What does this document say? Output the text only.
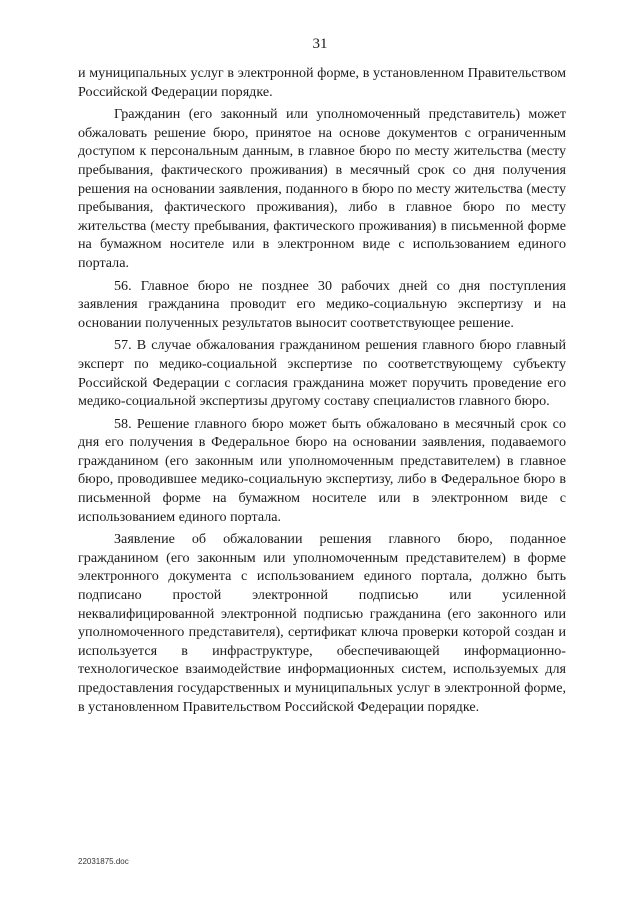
31

и муниципальных услуг в электронной форме, в установленном Правительством Российской Федерации порядке.

Гражданин (его законный или уполномоченный представитель) может обжаловать решение бюро, принятое на основе документов с ограниченным доступом к персональным данным, в главное бюро по месту жительства (месту пребывания, фактического проживания) в месячный срок со дня получения решения на основании заявления, поданного в бюро по месту жительства (месту пребывания, фактического проживания), либо в главное бюро по месту жительства (месту пребывания, фактического проживания) в письменной форме на бумажном носителе или в электронном виде с использованием единого портала.

56. Главное бюро не позднее 30 рабочих дней со дня поступления заявления гражданина проводит его медико-социальную экспертизу и на основании полученных результатов выносит соответствующее решение.

57. В случае обжалования гражданином решения главного бюро главный эксперт по медико-социальной экспертизе по соответствующему субъекту Российской Федерации с согласия гражданина может поручить проведение его медико-социальной экспертизы другому составу специалистов главного бюро.

58. Решение главного бюро может быть обжаловано в месячный срок со дня его получения в Федеральное бюро на основании заявления, подаваемого гражданином (его законным или уполномоченным представителем) в главное бюро, проводившее медико-социальную экспертизу, либо в Федеральное бюро в письменной форме на бумажном носителе или в электронном виде с использованием единого портала.

Заявление об обжаловании решения главного бюро, поданное гражданином (его законным или уполномоченным представителем) в форме электронного документа с использованием единого портала, должно быть подписано простой электронной подписью или усиленной неквалифицированной электронной подписью гражданина (его законного или уполномоченного представителя), сертификат ключа проверки которой создан и используется в инфраструктуре, обеспечивающей информационно-технологическое взаимодействие информационных систем, используемых для предоставления государственных и муниципальных услуг в электронной форме, в установленном Правительством Российской Федерации порядке.

22031875.doc
